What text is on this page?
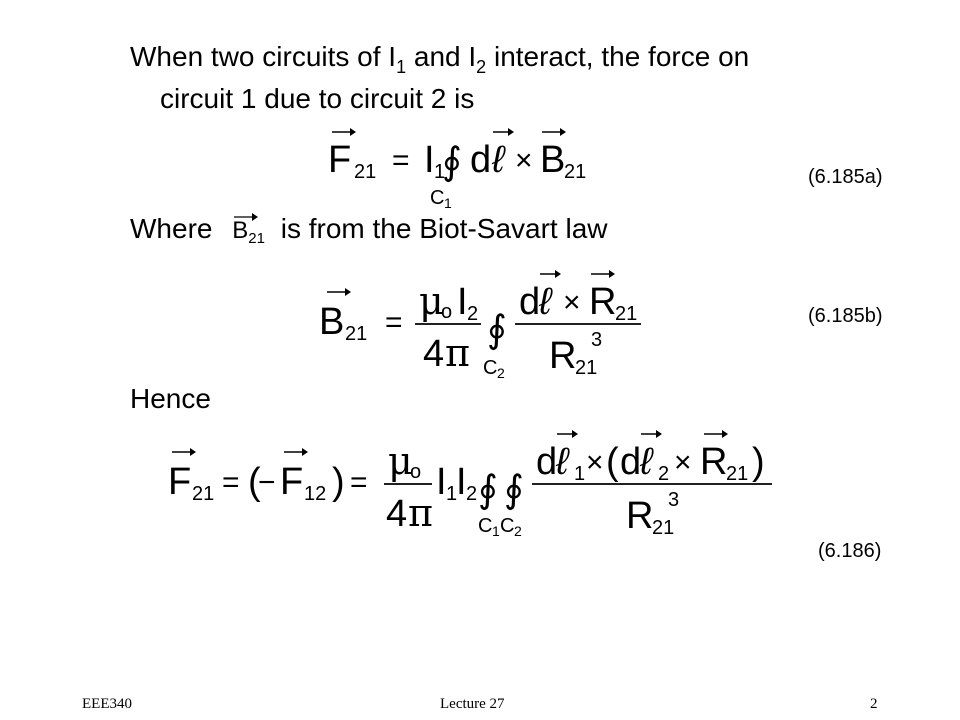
When two circuits of $I_1$ and $I_2$ interact, the force on
circuit 1 due to circuit 2 is
F 21 = I 1
∮ d ℓ × B
21
C 1
(6.185a)
Where $B_{21}$ is from the Biot-Savart law
B 21 = μ
o I 2
4 π
∮
d
ℓ × R
21
R
21
3
C 2
(6.185b)
Hence
F 21 = (
− F 12 ) = μ
o
4 π
I 1
I 2 ∮ ∮
d
ℓ 1 × ( d
ℓ 2 × R
21 )
R
21
3
C 1 C 2
(6.186)
EEE340	Lecture 27	2
